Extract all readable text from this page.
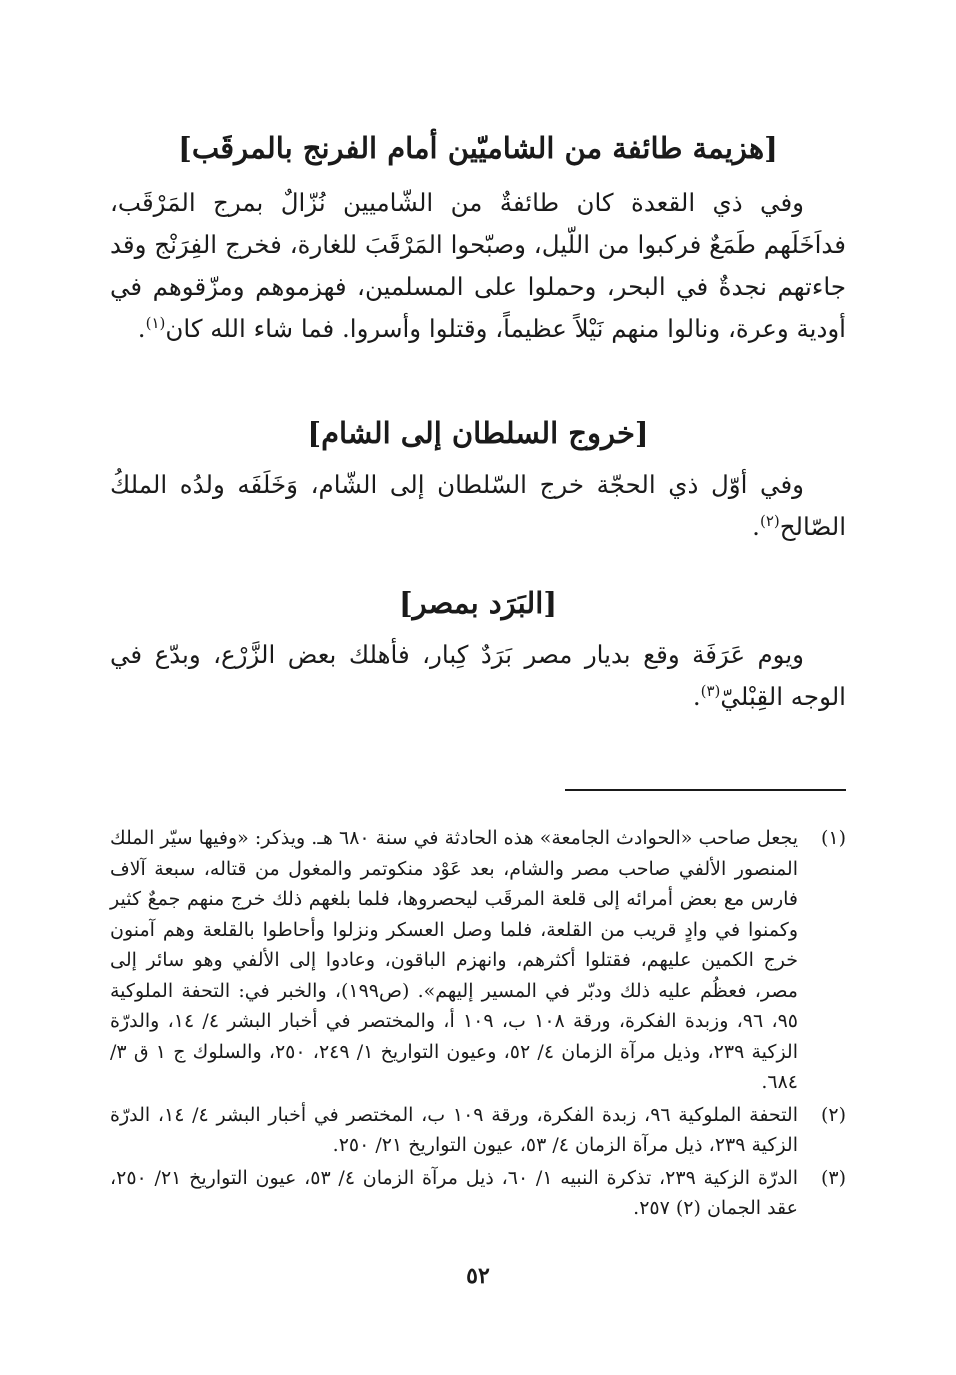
[هزيمة طائفة من الشاميّين أمام الفرنج بالمرقَب]

وفي ذي القعدة كان طائفةٌ من الشّاميين نُزّالٌ بمرج المَرْقَب، فداَخَلَهم طَمَعٌ فركبوا من اللّيل، وصبّحوا المَرْقَبَ للغارة، فخرج الفِرَنْج وقد جاءتهم نجدةٌ في البحر، وحملوا على المسلمين، فهزموهم ومزّقوهم في أودية وعرة، ونالوا منهم نَيْلاً عظيماً، وقتلوا وأسروا. فما شاء الله كان$^{(١)}$.

[خروج السلطان إلى الشام]

وفي أوّل ذي الحجّة خرج السّلطان إلى الشّام، وَخَلَفَه ولدُه الملكُ الصّالح$^{(٢)}$.

[البَرَد بمصر]

ويوم عَرَفَة وقع بديار مصر بَرَدٌ كِبار، فأهلك بعض الزَّرْع، وبدّع في الوجه القِبْليّ$^{(٣)}$.

(١)
يجعل صاحب «الحوادث الجامعة» هذه الحادثة في سنة ٦٨٠ هـ. ويذكر: «وفيها سيّر الملك المنصور الألفي صاحب مصر والشام، بعد عَوْد منكوتمر والمغول من قتاله، سبعة آلاف فارس مع بعض أمرائه إلى قلعة المرقَب ليحصروها، فلما بلغهم ذلك خرج منهم جمعٌ كثير وكمنوا في وادٍ قريب من القلعة، فلما وصل العسكر ونزلوا وأحاطوا بالقلعة وهم آمنون خرج الكمين عليهم، فقتلوا أكثرهم، وانهزم الباقون، وعادوا إلى الألفي وهو سائر إلى مصر، فعظُم عليه ذلك ودبّر في المسير إليهم». (ص١٩٩)، والخبر في: التحفة الملوكية ٩٥، ٩٦، وزبدة الفكرة، ورقة ١٠٨ ب، ١٠٩ أ، والمختصر في أخبار البشر ٤/ ١٤، والدرّة الزكية ٢٣٩، وذيل مرآة الزمان ٤/ ٥٢، وعيون التواريخ ١/ ٢٤٩، ٢٥٠، والسلوك ج ١ ق ٣/ ٦٨٤.
(٢)
التحفة الملوكية ٩٦، زبدة الفكرة، ورقة ١٠٩ ب، المختصر في أخبار البشر ٤/ ١٤، الدرّة الزكية ٢٣٩، ذيل مرآة الزمان ٤/ ٥٣، عيون التواريخ ٢١/ ٢٥٠.
(٣)
الدرّة الزكية ٢٣٩، تذكرة النبيه ١/ ٦٠، ذيل مرآة الزمان ٤/ ٥٣، عيون التواريخ ٢١/ ٢٥٠، عقد الجمان (٢) ٢٥٧.
٥٢
